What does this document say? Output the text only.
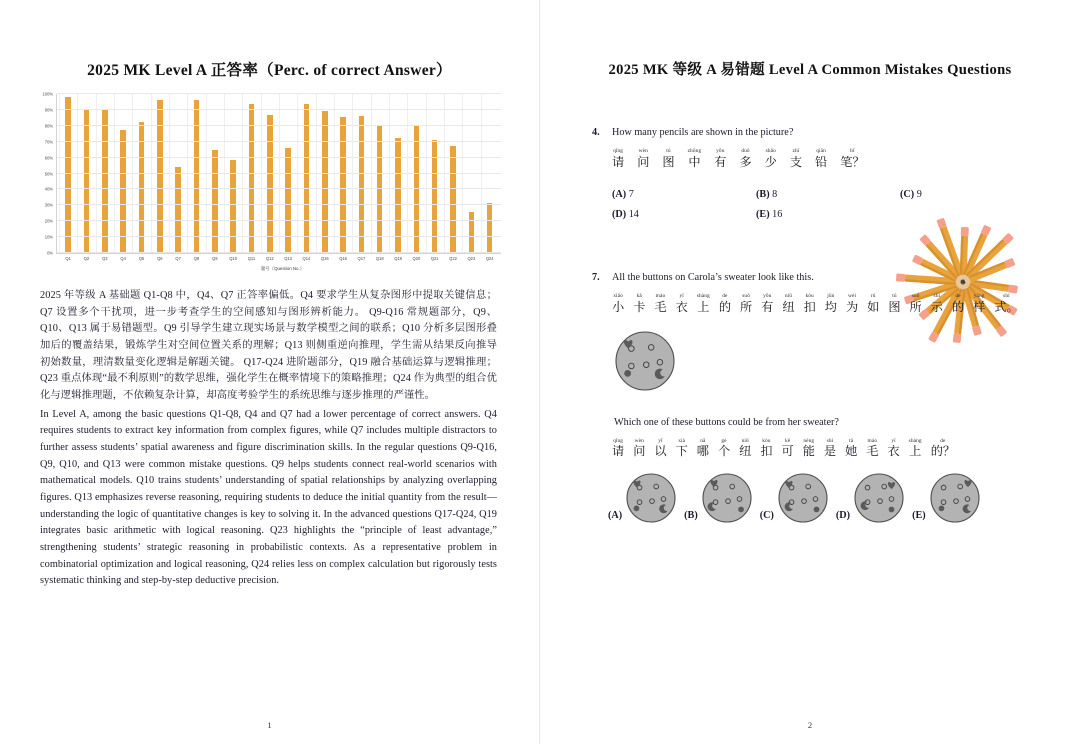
2025 MK Level A 正答率（Perc. of correct Answer）
Q1	Q2	Q3	Q4	Q5	Q6	Q7	Q8	Q9	Q10	Q11	Q12	Q13	Q14	Q15	Q16	Q17	Q18	Q19	Q20	Q21	Q22	Q23	Q24
0%
10%
20%
30%
40%
50%
60%
70%
80%
90%
100%
题号（Question No.）

2025 年等级 A 基础题 Q1-Q8 中，Q4、Q7 正答率偏低。Q4 要求学生从复杂图形中提取关键信息；Q7 设置多个干扰项，进一步考查学生的空间感知与图形辨析能力。 Q9-Q16 常规题部分，Q9、Q10、Q13 属于易错题型。Q9 引导学生建立现实场景与数学模型之间的联系；Q10 分析多层图形叠加后的覆盖结果，锻炼学生对空间位置关系的理解；Q13 则侧重逆向推理，学生需从结果反向推导初始数量，理清数量变化逻辑是解题关键。 Q17-Q24 进阶题部分，Q19 融合基础运算与逻辑推理；Q23 重点体现“最不利原则”的数学思维，强化学生在概率情境下的策略推理；Q24 作为典型的组合优化与逻辑推理题，不依赖复杂计算，却高度考验学生的系统思维与逐步推理的严谨性。

In Level A, among the basic questions Q1-Q8, Q4 and Q7 had a lower percentage of correct answers. Q4 requires students to extract key information from complex figures, while Q7 includes multiple distractors to further assess students’ spatial awareness and figure discrimination skills. In the regular questions Q9-Q16, Q9, Q10, and Q13 were common mistake questions. Q9 helps students connect real-world scenarios with mathematical models. Q10 trains students’ understanding of spatial relationships by analyzing overlapping figures. Q13 emphasizes reverse reasoning, requiring students to deduce the initial quantity from the result—understanding the logic of quantitative changes is key to solving it. In the advanced questions Q17-Q24, Q19 integrates basic arithmetic with logical reasoning. Q23 highlights the “principle of least advantage,” strengthening students’ strategic reasoning in probabilistic contexts. As a representative problem in combinatorial optimization and logical reasoning, Q24 relies less on complex calculation but rigorously tests systematic thinking and step-by-step deductive precision.

1
2025 MK 等级 A 易错题 Level A Common Mistakes Questions
4.	How many pencils are shown in the picture?
qǐng
请
wèn
问
tú
图
zhōng
中
yǒu
有
duō
多
shǎo
少
zhī
支
qiān
铅
bǐ
笔？
(A) 7	(B) 8	(C) 9
(D) 14	(E) 16
7.	All the buttons on Carola’s sweater look like this.
xiǎo
小
kǎ
卡
máo
毛
yī
衣
shàng
上
de
的
suǒ
所
yǒu
有
niǔ
纽
kòu
扣
jūn
均
wéi
为
rú
如
tú
图
suǒ
所
shì
示
de
的
yàng
样
shì
式。
Which one of these buttons could be from her sweater?
qǐng
请
wèn
问
yǐ
以
xià
下
nǎ
哪
gè
个
niǔ
纽
kòu
扣
kě
可
néng
能
shì
是
tā
她
máo
毛
yī
衣
shàng
上
de
的？
(A)	(B)	(C)	(D)	(E)
2
